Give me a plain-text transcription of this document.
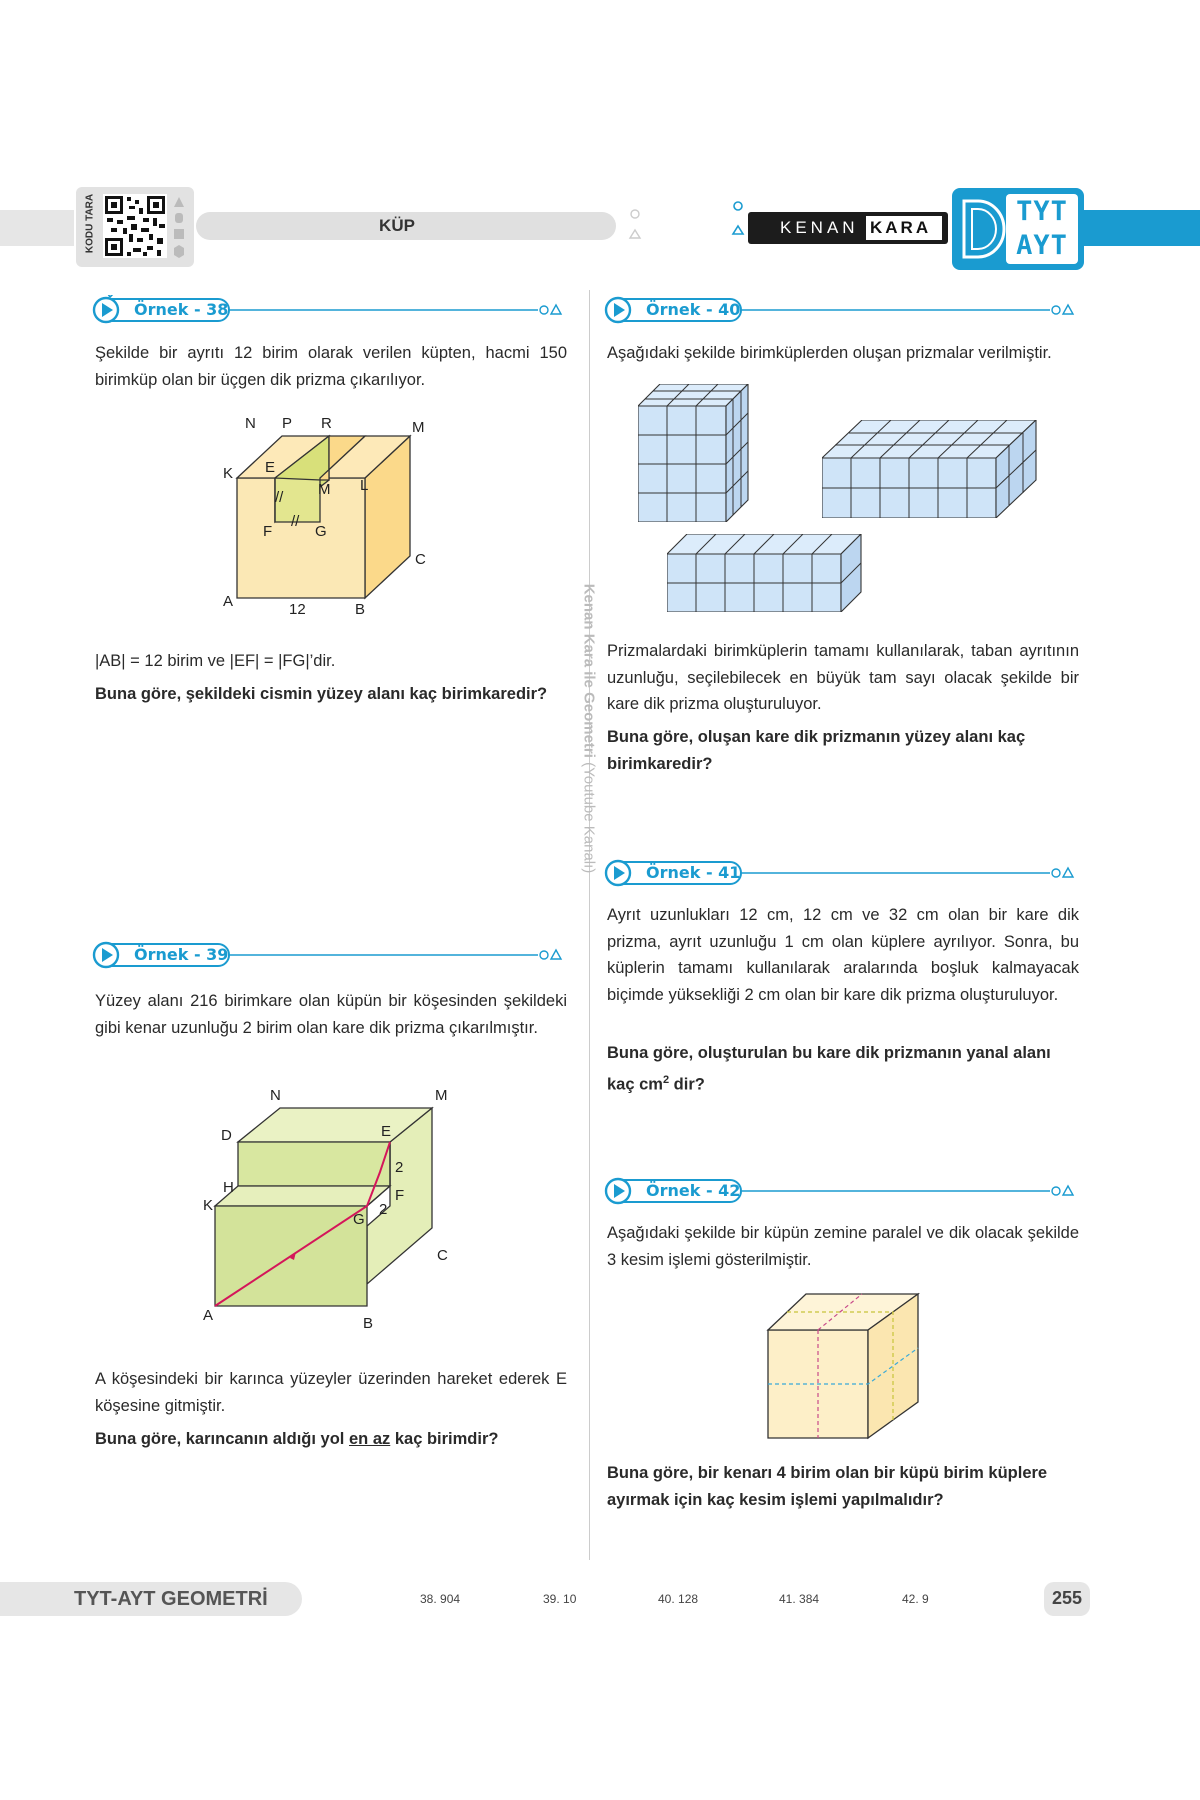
KODU TARA	KÜP	KENAN KARA
TYT
AYT
Kenan Kara ile Geometri (Youtube Kanalı)
Örnek - 38
Örnek - 39
Örnek - 40
Örnek - 41
Örnek - 42
Şekilde bir ayrıtı 12 birim olarak verilen küpten, hacmi 150 birimküp olan bir üçgen dik prizma çıkarılıyor.
//
//
N P R	M
K E
M L
F	G
C
A	B
12
|AB| = 12 birim ve |EF| = |FG|’dir.
Buna göre, şekildeki cismin yüzey alanı kaç birimkaredir?
Yüzey alanı 216 birimkare olan küpün bir köşesinden şekildeki gibi kenar uzunluğu 2 birim olan kare dik prizma çıkarılmıştır.
N	M
D	E
2
H	F
2
K
G
C
A	B
A köşesindeki bir karınca yüzeyler üzerinden hareket ederek E köşesine gitmiştir.
Buna göre, karıncanın aldığı yol en az kaç birimdir?
Aşağıdaki şekilde birimküplerden oluşan prizmalar verilmiştir.
Prizmalardaki birimküplerin tamamı kullanılarak, taban ayrıtının uzunluğu, seçilebilecek en büyük tam sayı olacak şekilde bir kare dik prizma oluşturuluyor.
Buna göre, oluşan kare dik prizmanın yüzey alanı kaç birimkaredir?
Ayrıt uzunlukları 12 cm, 12 cm ve 32 cm olan bir kare dik prizma, ayrıt uzunluğu 1 cm olan küplere ayrılıyor. Sonra, bu küplerin tamamı kullanılarak aralarında boşluk kalmayacak biçimde yüksekliği 2 cm olan bir kare dik prizma oluşturuluyor.
Buna göre, oluşturulan bu kare dik prizmanın yanal alanı kaç $cm^2$ dir?
Aşağıdaki şekilde bir küpün zemine paralel ve dik olacak şekilde 3 kesim işlemi gösterilmiştir.
Buna göre, bir kenarı 4 birim olan bir küpü birim küplere ayırmak için kaç kesim işlemi yapılmalıdır?
TYT-AYT GEOMETRİ	38. 904	39. 10	40. 128	41. 384	42. 9	255
